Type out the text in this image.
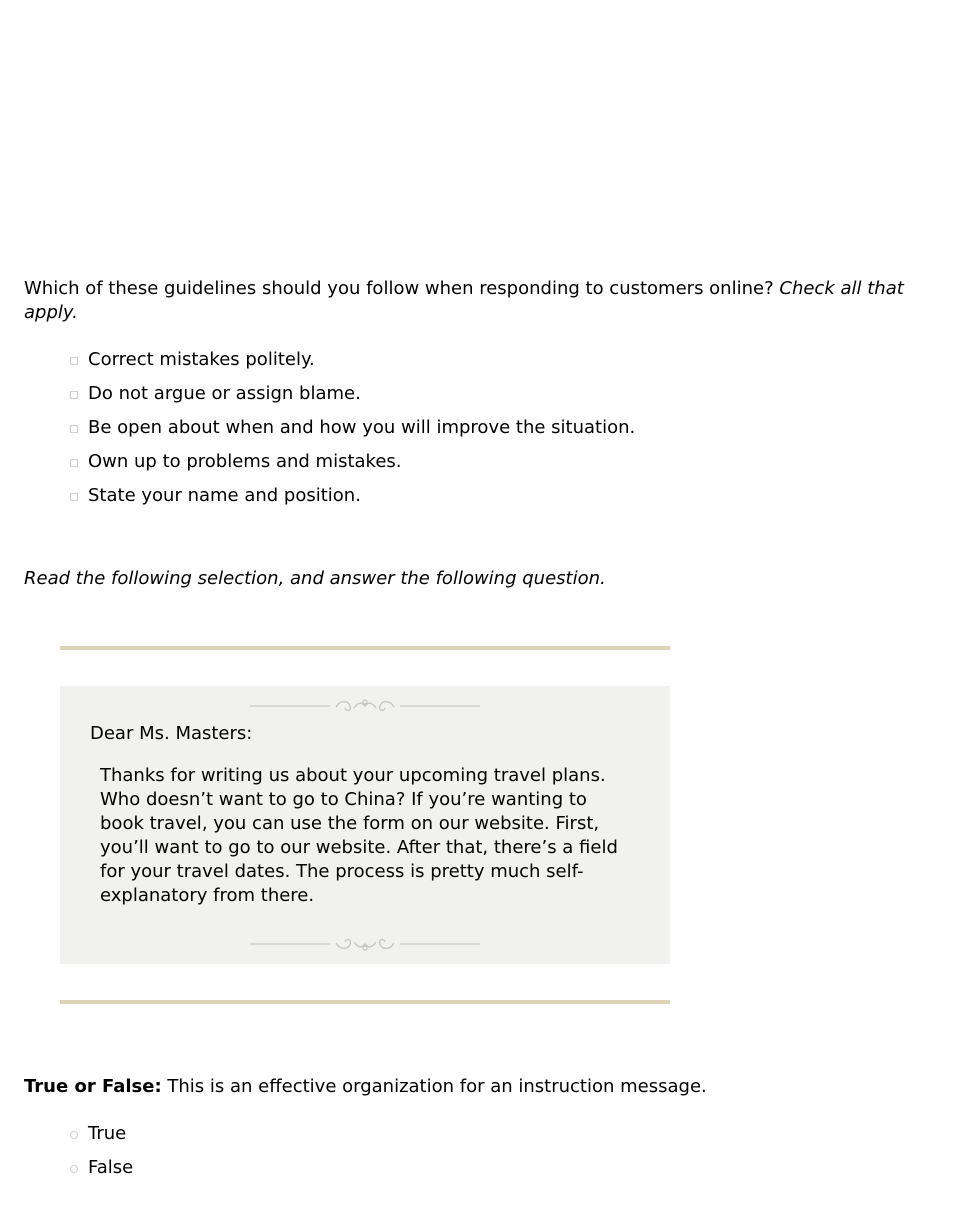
Which of these guidelines should you follow when responding to customers online? Check all that apply.
Correct mistakes politely.
Do not argue or assign blame.
Be open about when and how you will improve the situation.
Own up to problems and mistakes.
State your name and position.
Read the following selection, and answer the following question.
Dear Ms. Masters:

Thanks for writing us about your upcoming travel plans. Who doesn’t want to go to China? If you’re wanting to book travel, you can use the form on our website. First, you’ll want to go to our website. After that, there’s a field for your travel dates. The process is pretty much self-explanatory from there.

True or False: This is an effective organization for an instruction message.
True
False
